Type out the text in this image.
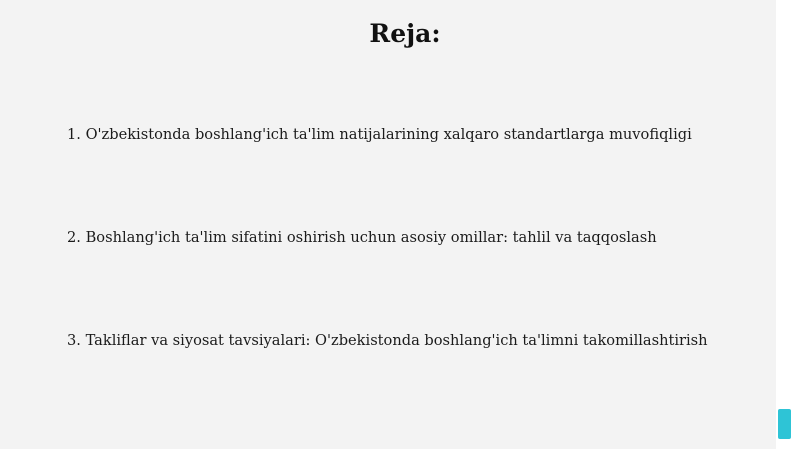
Reja:

1. O'zbekistonda boshlang'ich ta'lim natijalarining xalqaro standartlarga muvofiqligi

2. Boshlang'ich ta'lim sifatini oshirish uchun asosiy omillar: tahlil va taqqoslash

3. Takliflar va siyosat tavsiyalari: O'zbekistonda boshlang'ich ta'limni takomillashtirish
